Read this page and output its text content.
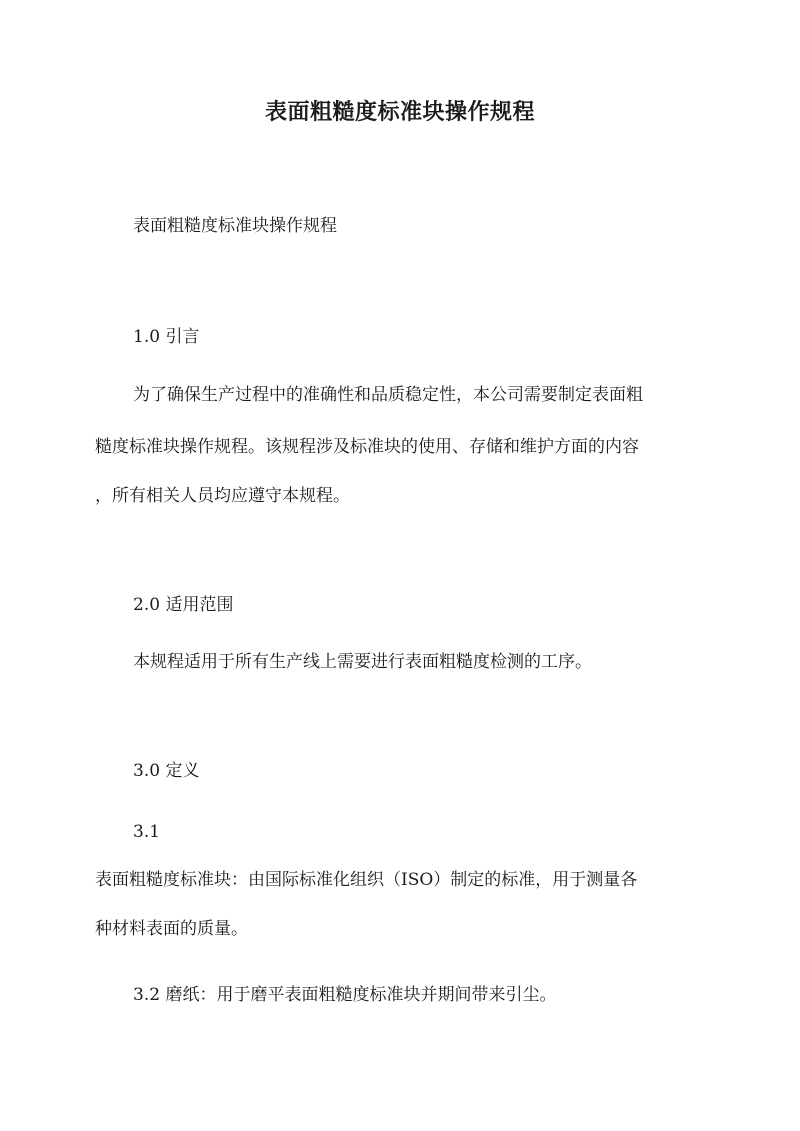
表面粗糙度标准块操作规程
表面粗糙度标准块操作规程
1.0 引言
为了确保生产过程中的准确性和品质稳定性，本公司需要制定表面粗
糙度标准块操作规程。该规程涉及标准块的使用、存储和维护方面的内容
，所有相关人员均应遵守本规程。
2.0 适用范围
本规程适用于所有生产线上需要进行表面粗糙度检测的工序。
3.0 定义
3.1
表面粗糙度标准块：由国际标准化组织（ISO）制定的标准，用于测量各
种材料表面的质量。
3.2 磨纸：用于磨平表面粗糙度标准块并期间带来引尘。
